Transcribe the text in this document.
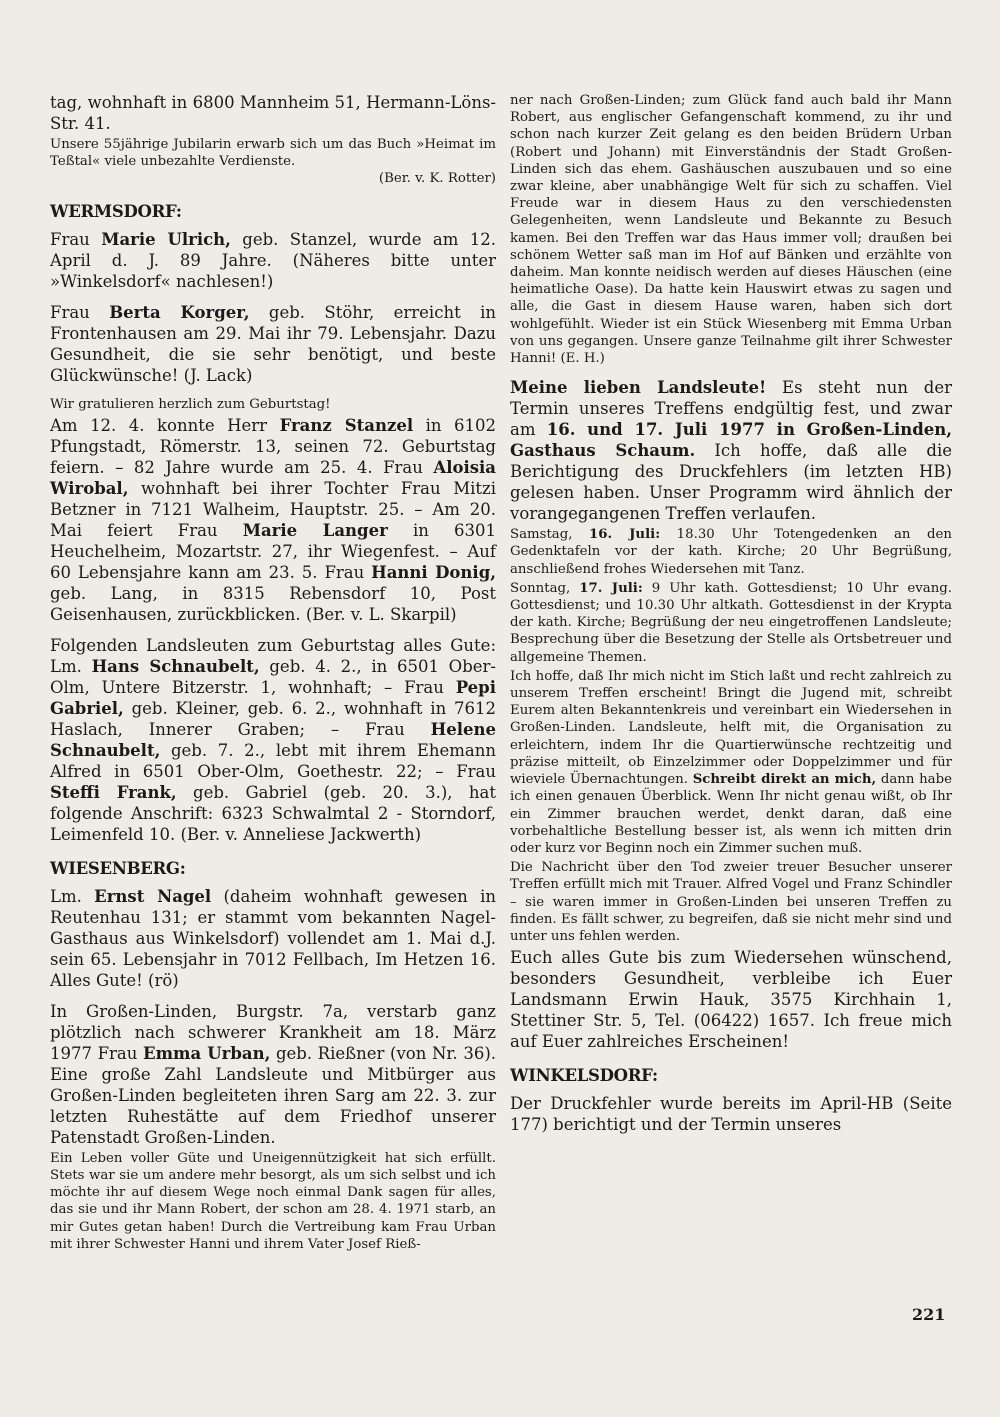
tag, wohnhaft in 6800 Mannheim 51, Hermann-Löns-Str. 41.

Unsere 55jährige Jubilarin erwarb sich um das Buch »Heimat im Teßtal« viele unbezahlte Verdienste.

(Ber. v. K. Rotter)

WERMSDORF:

Frau Marie Ulrich, geb. Stanzel, wurde am 12. April d. J. 89 Jahre. (Näheres bitte unter »Winkelsdorf« nachlesen!)

Frau Berta Korger, geb. Stöhr, erreicht in Frontenhausen am 29. Mai ihr 79. Lebensjahr. Dazu Gesundheit, die sie sehr benötigt, und beste Glückwünsche! (J. Lack)

Wir gratulieren herzlich zum Geburtstag!

Am 12. 4. konnte Herr Franz Stanzel in 6102 Pfungstadt, Römerstr. 13, seinen 72. Geburtstag feiern. – 82 Jahre wurde am 25. 4. Frau Aloisia Wirobal, wohnhaft bei ihrer Tochter Frau Mitzi Betzner in 7121 Walheim, Hauptstr. 25. – Am 20. Mai feiert Frau Marie Langer in 6301 Heuchelheim, Mozartstr. 27, ihr Wiegenfest. – Auf 60 Lebensjahre kann am 23. 5. Frau Hanni Donig, geb. Lang, in 8315 Rebensdorf 10, Post Geisenhausen, zurückblicken. (Ber. v. L. Skarpil)

Folgenden Landsleuten zum Geburtstag alles Gute: Lm. Hans Schnaubelt, geb. 4. 2., in 6501 Ober-Olm, Untere Bitzerstr. 1, wohnhaft; – Frau Pepi Gabriel, geb. Kleiner, geb. 6. 2., wohnhaft in 7612 Haslach, Innerer Graben; – Frau Helene Schnaubelt, geb. 7. 2., lebt mit ihrem Ehemann Alfred in 6501 Ober-Olm, Goethestr. 22; – Frau Steffi Frank, geb. Gabriel (geb. 20. 3.), hat folgende Anschrift: 6323 Schwalmtal 2 - Storndorf, Leimenfeld 10. (Ber. v. Anneliese Jackwerth)

WIESENBERG:

Lm. Ernst Nagel (daheim wohnhaft gewesen in Reutenhau 131; er stammt vom bekannten Nagel-Gasthaus aus Winkelsdorf) vollendet am 1. Mai d.J. sein 65. Lebensjahr in 7012 Fellbach, Im Hetzen 16. Alles Gute! (rö)

In Großen-Linden, Burgstr. 7a, verstarb ganz plötzlich nach schwerer Krankheit am 18. März 1977 Frau Emma Urban, geb. Rießner (von Nr. 36). Eine große Zahl Landsleute und Mitbürger aus Großen-Linden begleiteten ihren Sarg am 22. 3. zur letzten Ruhestätte auf dem Friedhof unserer Patenstadt Großen-Linden.

Ein Leben voller Güte und Uneigennützigkeit hat sich erfüllt. Stets war sie um andere mehr besorgt, als um sich selbst und ich möchte ihr auf diesem Wege noch einmal Dank sagen für alles, das sie und ihr Mann Robert, der schon am 28. 4. 1971 starb, an mir Gutes getan haben! Durch die Vertreibung kam Frau Urban mit ihrer Schwester Hanni und ihrem Vater Josef Rieß-

ner nach Großen-Linden; zum Glück fand auch bald ihr Mann Robert, aus englischer Gefangenschaft kommend, zu ihr und schon nach kurzer Zeit gelang es den beiden Brüdern Urban (Robert und Johann) mit Einverständnis der Stadt Großen-Linden sich das ehem. Gashäuschen auszubauen und so eine zwar kleine, aber unabhängige Welt für sich zu schaffen. Viel Freude war in diesem Haus zu den verschiedensten Gelegenheiten, wenn Landsleute und Bekannte zu Besuch kamen. Bei den Treffen war das Haus immer voll; draußen bei schönem Wetter saß man im Hof auf Bänken und erzählte von daheim. Man konnte neidisch werden auf dieses Häuschen (eine heimatliche Oase). Da hatte kein Hauswirt etwas zu sagen und alle, die Gast in diesem Hause waren, haben sich dort wohlgefühlt. Wieder ist ein Stück Wiesenberg mit Emma Urban von uns gegangen. Unsere ganze Teilnahme gilt ihrer Schwester Hanni! (E. H.)

Meine lieben Landsleute! Es steht nun der Termin unseres Treffens endgültig fest, und zwar am 16. und 17. Juli 1977 in Großen-Linden, Gasthaus Schaum. Ich hoffe, daß alle die Berichtigung des Druckfehlers (im letzten HB) gelesen haben. Unser Programm wird ähnlich der vorangegangenen Treffen verlaufen.

Samstag, 16. Juli: 18.30 Uhr Totengedenken an den Gedenktafeln vor der kath. Kirche; 20 Uhr Begrüßung, anschließend frohes Wiedersehen mit Tanz.

Sonntag, 17. Juli: 9 Uhr kath. Gottesdienst; 10 Uhr evang. Gottesdienst; und 10.30 Uhr altkath. Gottesdienst in der Krypta der kath. Kirche; Begrüßung der neu eingetroffenen Landsleute; Besprechung über die Besetzung der Stelle als Ortsbetreuer und allgemeine Themen.

Ich hoffe, daß Ihr mich nicht im Stich laßt und recht zahlreich zu unserem Treffen erscheint! Bringt die Jugend mit, schreibt Eurem alten Bekanntenkreis und vereinbart ein Wiedersehen in Großen-Linden. Landsleute, helft mit, die Organisation zu erleichtern, indem Ihr die Quartierwünsche rechtzeitig und präzise mitteilt, ob Einzelzimmer oder Doppelzimmer und für wieviele Übernachtungen. Schreibt direkt an mich, dann habe ich einen genauen Überblick. Wenn Ihr nicht genau wißt, ob Ihr ein Zimmer brauchen werdet, denkt daran, daß eine vorbehaltliche Bestellung besser ist, als wenn ich mitten drin oder kurz vor Beginn noch ein Zimmer suchen muß.

Die Nachricht über den Tod zweier treuer Besucher unserer Treffen erfüllt mich mit Trauer. Alfred Vogel und Franz Schindler – sie waren immer in Großen-Linden bei unseren Treffen zu finden. Es fällt schwer, zu begreifen, daß sie nicht mehr sind und unter uns fehlen werden.

Euch alles Gute bis zum Wiedersehen wünschend, besonders Gesundheit, verbleibe ich Euer Landsmann Erwin Hauk, 3575 Kirchhain 1, Stettiner Str. 5, Tel. (06422) 1657. Ich freue mich auf Euer zahlreiches Erscheinen!

WINKELSDORF:

Der Druckfehler wurde bereits im April-HB (Seite 177) berichtigt und der Termin unseres

221
